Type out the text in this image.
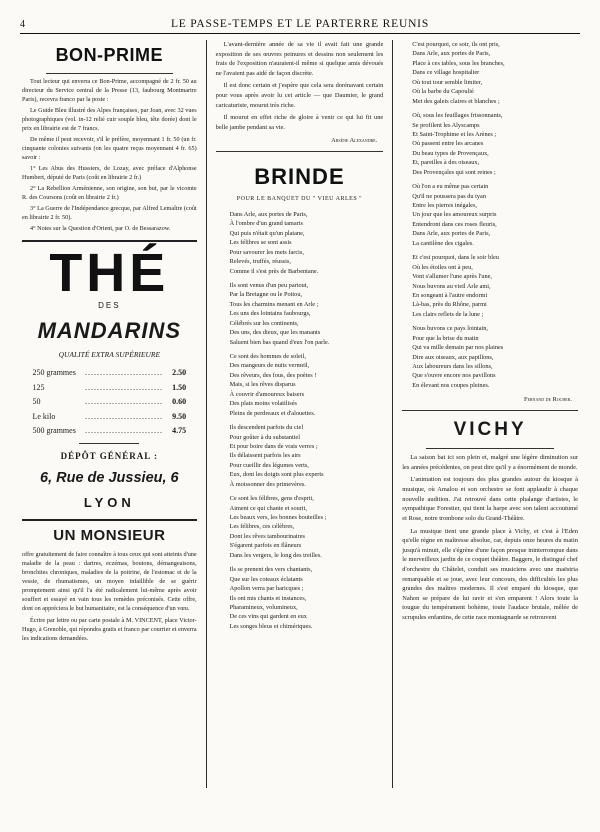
4	LE PASSE-TEMPS ET LE PARTERRE REUNIS
BON-PRIME

Tout lecteur qui enverra ce Bon-Prime, accompagné de 2 fr. 50 au directeur du Service central de la Presse (13, faubourg Montmartre Paris), recevra franco par la poste :

Le Guide Bleu illustré des Alpes françaises, par Joan, avec 32 vues photographiques (vol. in-12 relié cuir souple bleu, tête dorée) dont le prix en librairie est de 7 francs.

De même il peut recevoir, s'il le préfère, moyennant 1 fr. 50 (un fr. cinquante colonies suivants (on les quatre reçus moyennant 4 fr. 65) savoir :

1° Les Abus des Hussiers, de Lozay, avec préface d'Alphonse Humbert, député de Paris (coût en librairie 2 fr.)

2° La Rebellion Arménienne, son origine, son but, par le vicomte R. des Coursons (coût en librairie 2 fr.)

3° La Guerre de l'Indépendance grecque, par Alfred Lemaître (coût en librairie 2 fr. 50).

4° Notes sur la Question d'Orient, par O. de Bessarazow.

THÉ
DES
MANDARINS
QUALITÉ EXTRA SUPÉRIEURE
250 grammes	..........................	2.50
125	..........................	1.50
50	..........................	0.60
Le kilo	..........................	9.50
500 grammes	..........................	4.75
DÉPÔT GÉNÉRAL :
6, Rue de Jussieu, 6
LYON
UN MONSIEUR

offre gratuitement de faire connaître à tous ceux qui sont atteints d'une maladie de la peau : dartres, eczémas, boutons, démangeaisons, bronchites chroniques, maladies de la poitrine, de l'estomac et de la vessie, de rhumatismes, un moyen infaillible de se guérir promptement ainsi qu'il l'a été radicalement lui-même après avoir souffert et essayé en vain tous les remèdes préconisés. Cette offre, dont on appréciera le but humanitaire, est la conséquence d'un vœu.

Écrire par lettre ou par carte postale à M. VINCENT, place Victor-Hugo, à Grenoble, qui répondra gratis et franco par courrier et enverra les indications demandées.

L'avant-dernière année de sa vie il avait fait une grande exposition de ses œuvres peinures et dessins non seulement les frais de l'exposition n'auraient-il même si quelque amis dévoués ne l'avaient pas aidé de façon discrète.

Il est donc certain et j'espère que cela sera dorénavant certain pour vous après avoir lu cet article — que Daumier, le grand caricaturiste, mourut très riche.

Il mourut en effet riche de gloire à venir ce qui lui fit une belle jambe pendant sa vie.

Arsène Alexandre.
BRINDE
POUR LE BANQUET DU " VIEU ARLES "
Dans Arle, aux portes de Paris,
À l'ombre d'un grand tamaris
Qui puis n'était qu'un platane,
Les félibres se sont assis
Pour savourer les mets farcis,
Relevés, truffés, réussis,
Comme il s'est près de Barbentane.
Ils sont venus d'un peu partout,
Par la Bretagne ou le Poitou,
Tous les charmins menant en Arle ;
Les uns des lointains faubourgs,
Célébrés sur les continents,
Des uns, des dieux, que les manants
Saluent bien bas quand d'eux l'on parle.
Ce sont des hommes de soleil,
Des mangeurs de nuits vermeil,
Des rêveurs, des fous, des poètes !
Mais, si les rêves disparus
À couvrir d'amoureux baisers
Des plats moins volatilisés
Pleins de perdreaux et d'alouettes.
Ils descendent parfois du ciel
Pour goûter à du substantiel
Et pour boire dans de vrais verres ;
Ils délaissent parfois les airs
Pour cueillir des légumes verts,
Eux, dont les doigts sont plus experts
À moissonner des primevères.
Ce sont les félibres, gens d'esprit,
Aiment ce qui chante et sourit,
Les beaux vers, les bonnes bouteilles ;
Les félibres, ces célèbres,
Dont les rêves tambourinaires
S'égarent parfois en flâneurs
Dans les vergers, le long des treilles.
Ils se prenent des vers chantants,
Que sur les coteaux éclatants
Apollon verra par haricques ;
Ils ont mis chants et instances,
Pharamineux, volumineux,
De ces vins qui gardent en eux
Les songes bleus et chimériques.
C'est pourquoi, ce soir, ils ont pris,
Dans Arle, aux portes de Paris,
Place à ces tables, sous les branches,
Dans ce village hospitalier
Où tout tour semble limiter,
Où la barbe du Capoulié
Met des galets claires et blanches ;
Où, sous les feuillages frissonnants,
Se profilent les Alyscamps
Et Saint-Trophime et les Arènes ;
Où passent entre les arcanes
Du beau types de Provençaux,
Et, pareilles à des oiseaux,
Des Provençales qui sont reines ;
Où l'on a eu même pas certain
Qu'il ne poussera pas du tyan
Entre les pierres inégales,
Un jour que les amoureux surpris
Entendront dans ces roses fleuris,
Dans Arle, aux portes de Paris,
La cantilène des cigales.
Et c'est pourquoi, dans le soir bleu
Où les étoiles ont à peu,
Vont s'allumer l'une après l'une,
Nous buvons au vieil Arle ami,
En songeant à l'autre endormi
Là-bas, près du Rhône, parmi
Les clairs reflets de la lune ;
Nous buvons ce pays lointain,
Pour que la brise du matin
Qui va mille demain par nos plaines
Dire aux oiseaux, aux papillons,
Aux laboureurs dans les sillons,
Que s'ouvre encore nos pavillons
En élevant nos coupes pleines.
Fernand de Rocher.
VICHY

La saison bat ici son plein et, malgré une légère diminution sur les années précédentes, on peut dire qu'il y a énormément de monde.

L'animation est toujours des plus grandes autour du kiosque à musique, où Amalou et son orchestre se font applaudir à chaque nouvelle audition. J'ai retrouvé dans cette phalange d'artistes, le sympathique Forestier, qui tient la harpe avec son talent accoutumé et Rose, notre trombone solo du Grand-Théâtre.

La musique tient une grande place à Vichy, et c'est à l'Eden qu'elle règne en maîtresse absolue, car, depuis onze heures du matin jusqu'à minuit, elle s'égrène d'une façon presque ininterrompue dans le merveilleux jardin de ce coquet théâtre. Baggers, le distingué chef d'orchestre du Châtelet, conduit ses musiciens avec une maëstria remarquable et se joue, avec leur concours, des difficultés les plus grandes des maîtres modernes. Il s'est emparé du kiosque, que Nahon se prépare de lui ravir et s'en emparent ! Alors toute la tougue du tempérament bohème, toute l'audace brutale, mêlée de scrupules enfantins, de cette race montagnarde se retrouvent
